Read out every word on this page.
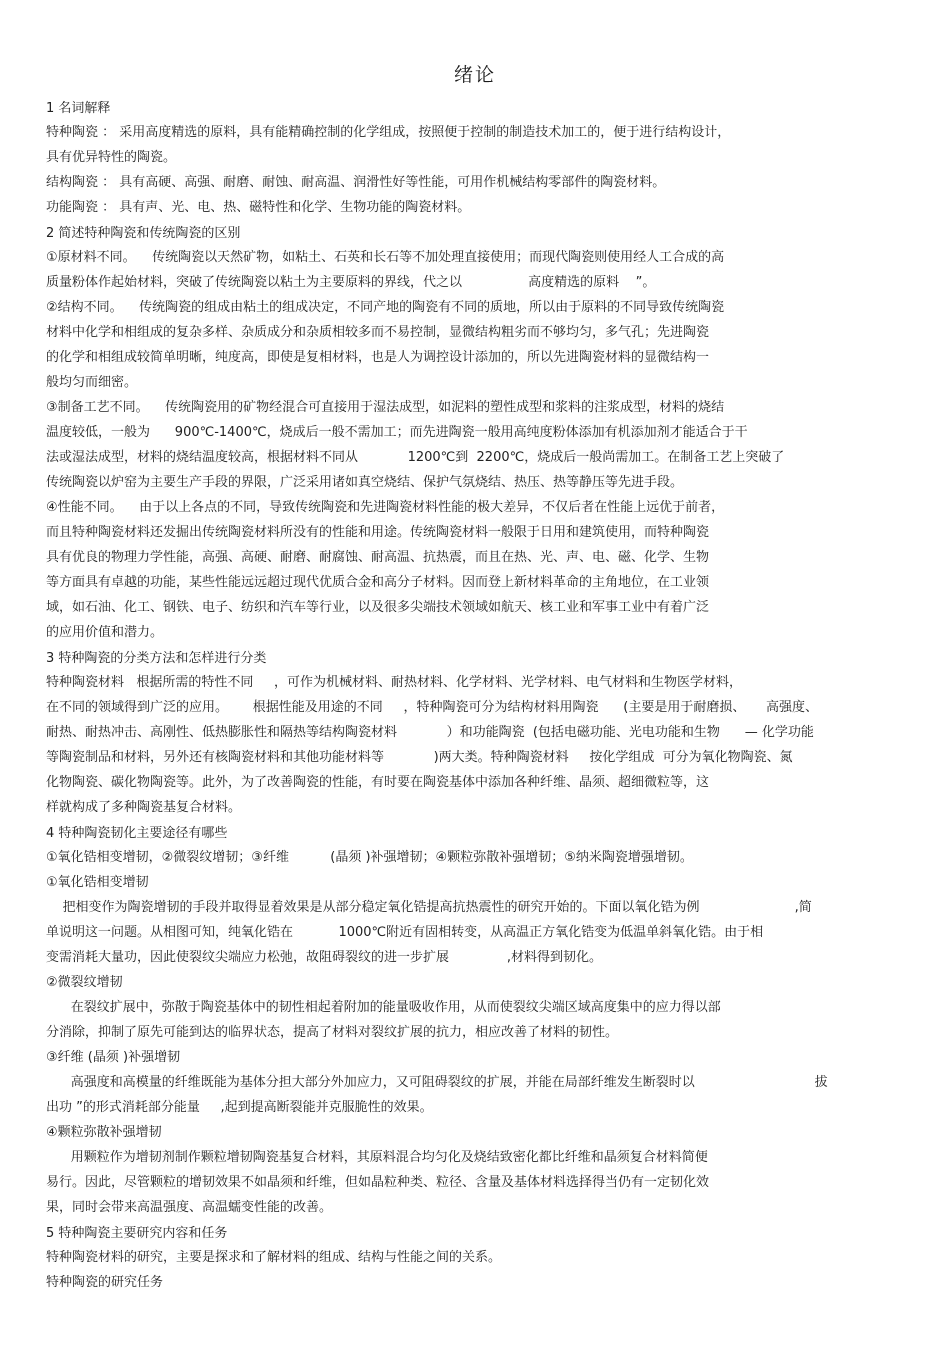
绪论
1 名词解释
特种陶瓷 ： 采用高度精选的原料，具有能精确控制的化学组成，按照便于控制的制造技术加工的，便于进行结构设计，
具有优异特性的陶瓷。
结构陶瓷 ： 具有高硬、高强、耐磨、耐蚀、耐高温、润滑性好等性能，可用作机械结构零部件的陶瓷材料。
功能陶瓷 ： 具有声、光、电、热、磁特性和化学、生物功能的陶瓷材料。
2 简述特种陶瓷和传统陶瓷的区别
①原材料不同。    传统陶瓷以天然矿物，如粘土、石英和长石等不加处理直接使用；而现代陶瓷则使用经人工合成的高
质量粉体作起始材料，突破了传统陶瓷以粘土为主要原料的界线，代之以                高度精选的原料    ”。
②结构不同。    传统陶瓷的组成由粘土的组成决定，不同产地的陶瓷有不同的质地，所以由于原料的不同导致传统陶瓷
材料中化学和相组成的复杂多样、杂质成分和杂质相较多而不易控制，显微结构粗劣而不够均匀，多气孔；先进陶瓷
的化学和相组成较简单明晰，纯度高，即使是复相材料，也是人为调控设计添加的，所以先进陶瓷材料的显微结构一
般均匀而细密。
③制备工艺不同。    传统陶瓷用的矿物经混合可直接用于湿法成型，如泥料的塑性成型和浆料的注浆成型，材料的烧结
温度较低，一般为      900℃-1400℃，烧成后一般不需加工；而先进陶瓷一般用高纯度粉体添加有机添加剂才能适合于干
法或湿法成型，材料的烧结温度较高，根据材料不同从            1200℃到  2200℃，烧成后一般尚需加工。在制备工艺上突破了
传统陶瓷以炉窑为主要生产手段的界限，广泛采用诸如真空烧结、保护气氛烧结、热压、热等静压等先进手段。
④性能不同。    由于以上各点的不同，导致传统陶瓷和先进陶瓷材料性能的极大差异，不仅后者在性能上远优于前者，
而且特种陶瓷材料还发掘出传统陶瓷材料所没有的性能和用途。传统陶瓷材料一般限于日用和建筑使用，而特种陶瓷
具有优良的物理力学性能，高强、高硬、耐磨、耐腐蚀、耐高温、抗热震，而且在热、光、声、电、磁、化学、生物
等方面具有卓越的功能，某些性能远远超过现代优质合金和高分子材料。因而登上新材料革命的主角地位，在工业领
域，如石油、化工、钢铁、电子、纺织和汽车等行业，以及很多尖端技术领域如航天、核工业和军事工业中有着广泛
的应用价值和潜力。
3 特种陶瓷的分类方法和怎样进行分类
特种陶瓷材料   根据所需的特性不同     ，可作为机械材料、耐热材料、化学材料、光学材料、电气材料和生物医学材料，
在不同的领域得到广泛的应用。      根据性能及用途的不同     ，特种陶瓷可分为结构材料用陶瓷      (主要是用于耐磨损、     高强度、
耐热、耐热冲击、高刚性、低热膨胀性和隔热等结构陶瓷材料            ）和功能陶瓷  (包括电磁功能、光电功能和生物      — 化学功能
等陶瓷制品和材料，另外还有核陶瓷材料和其他功能材料等            )两大类。特种陶瓷材料     按化学组成  可分为氧化物陶瓷、氮
化物陶瓷、碳化物陶瓷等。此外，为了改善陶瓷的性能，有时要在陶瓷基体中添加各种纤维、晶须、超细微粒等，这
样就构成了多种陶瓷基复合材料。
4 特种陶瓷韧化主要途径有哪些
①氧化锆相变增韧，②微裂纹增韧；③纤维          (晶须 )补强增韧；④颗粒弥散补强增韧；⑤纳米陶瓷增强增韧。
①氧化锆相变增韧
把相变作为陶瓷增韧的手段并取得显着效果是从部分稳定氧化锆提高抗热震性的研究开始的。下面以氧化锆为例                       ,简
单说明这一问题。从相图可知，纯氧化锆在           1000℃附近有固相转变，从高温正方氧化锆变为低温单斜氧化锆。由于相
变需消耗大量功，因此使裂纹尖端应力松弛，故阻碍裂纹的进一步扩展              ,材料得到韧化。
②微裂纹增韧
在裂纹扩展中，弥散于陶瓷基体中的韧性相起着附加的能量吸收作用，从而使裂纹尖端区域高度集中的应力得以部
分消除，抑制了原先可能到达的临界状态，提高了材料对裂纹扩展的抗力，相应改善了材料的韧性。
③纤维 (晶须 )补强增韧
高强度和高模量的纤维既能为基体分担大部分外加应力，又可阻碍裂纹的扩展，并能在局部纤维发生断裂时以                             拔
出功 ”的形式消耗部分能量     ,起到提高断裂能并克服脆性的效果。
④颗粒弥散补强增韧
用颗粒作为增韧剂制作颗粒增韧陶瓷基复合材料，其原料混合均匀化及烧结致密化都比纤维和晶须复合材料简便
易行。因此，尽管颗粒的增韧效果不如晶须和纤维，但如晶粒种类、粒径、含量及基体材料选择得当仍有一定韧化效
果，同时会带来高温强度、高温蠕变性能的改善。
5 特种陶瓷主要研究内容和任务
特种陶瓷材料的研究，主要是探求和了解材料的组成、结构与性能之间的关系。
特种陶瓷的研究任务
